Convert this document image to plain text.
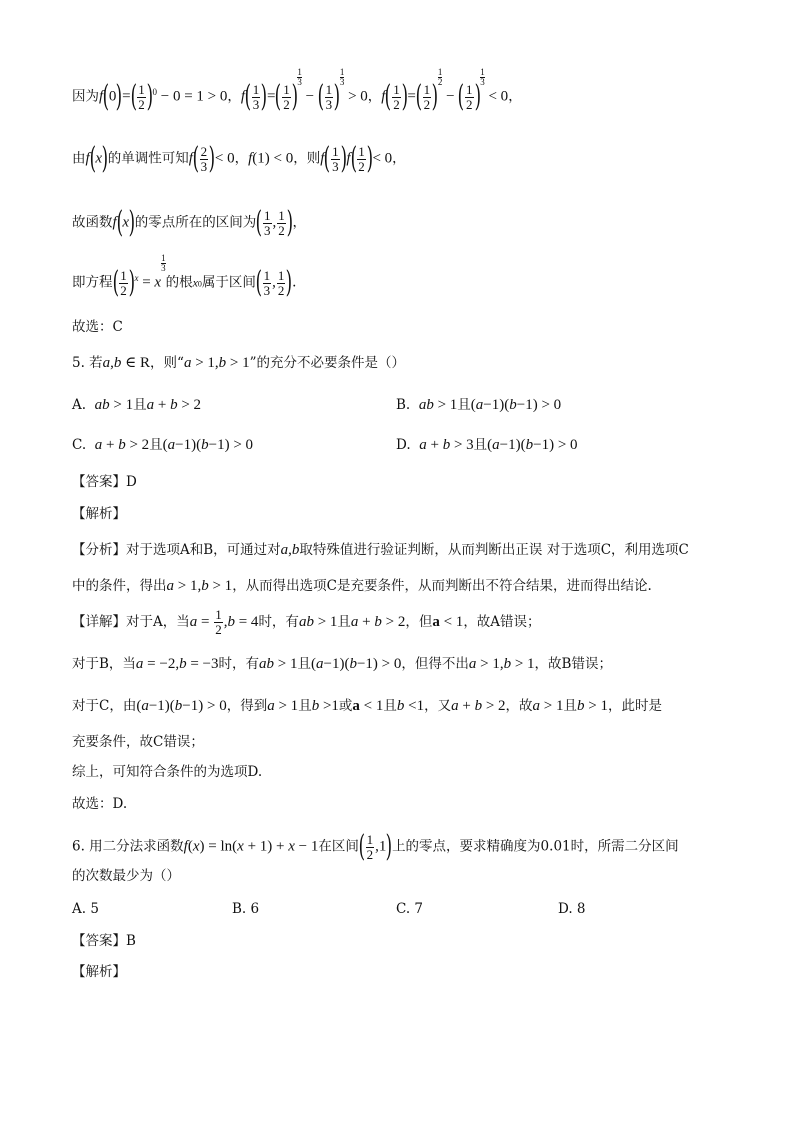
因为$f(0)=( \frac{1}{2} )^0 - 0 = 1 > 0$，$f( \frac{1}{3}$ )=( $\frac{1}{2}$ )
$\frac{1}{3}$
− ( $\frac{1}{3}$ )
$\frac{1}{3}$
> 0，$f( \frac{1}{2}$ )=( $\frac{1}{2}$ )
$\frac{1}{2}$
− ( $\frac{1}{2}$ )
$\frac{1}{3}$
< 0，
由f(x)的单调性可知$f( \frac{2}{3}$ )< 0，f(1) < 0，则$f( \frac{1}{3} )f( \frac{1}{2}$ )< 0，
故函数f(x)的零点所在的区间为( $\frac{1}{3}$ , $\frac{1}{2}$ )，
即方程( $\frac{1}{2} )^x = x$
$\frac{1}{3}$
的根x0属于区间( $\frac{1}{3}$ , $\frac{1}{2}$ ).
故选：C
5. 若a,b ∈ R，则“a > 1,b > 1”的充分不必要条件是（）
A. ab > 1且a + b > 2	B. ab > 1且(a−1)(b−1) > 0
C. a + b > 2且(a−1)(b−1) > 0	D. a + b > 3且(a−1)(b−1) > 0
【答案】D
【解析】
【分析】对于选项A和B，可通过对a,b取特殊值进行验证判断，从而判断出正误 对于选项C，利用选项C
中的条件，得出a > 1,b > 1，从而得出选项C是充要条件，从而判断出不符合结果，进而得出结论.
【详解】对于A，当$a = \frac{1}{2} ,b = 4$时，有ab > 1且a + b > 2，但a < 1，故A错误；
对于B，当a = −2,b = −3时，有ab > 1且(a−1)(b−1) > 0，但得不出a > 1,b > 1，故B错误；
对于C，由(a−1)(b−1) > 0，得到a > 1且b >1或a < 1且b <1，又a + b > 2，故a > 1且b > 1，此时是
充要条件，故C错误；
综上，可知符合条件的为选项D.
故选：D.
6. 用二分法求函数f(x) = ln(x + 1) + x − 1在区间( $\frac{1}{2} ,1$)上的零点，要求精确度为0.01时，所需二分区间
的次数最少为（）
A. 5	B. 6	C. 7	D. 8
【答案】B
【解析】
